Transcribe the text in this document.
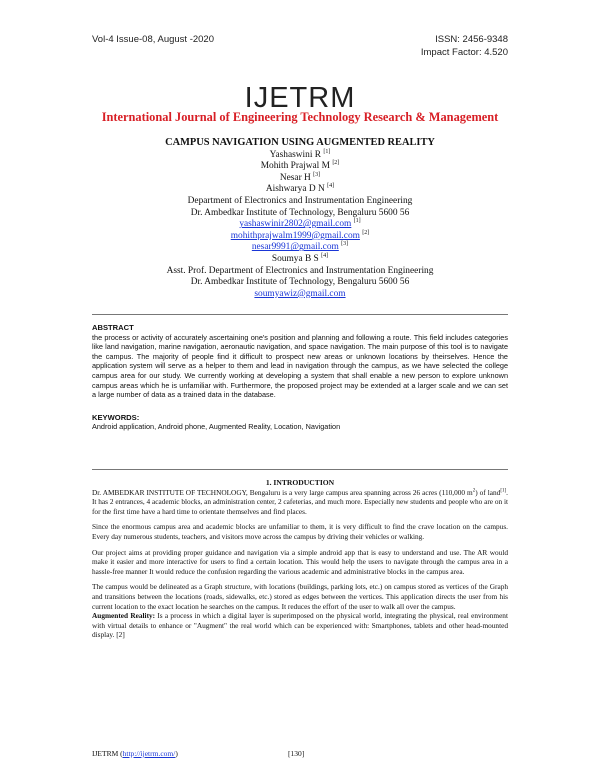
Vol-4 Issue-08, August -2020	ISSN: 2456-9348
Impact Factor: 4.520
IJETRM
International Journal of Engineering Technology Research & Management
CAMPUS NAVIGATION USING AUGMENTED REALITY
Yashaswini R [1]
Mohith Prajwal M [2]
Nesar H [3]
Aishwarya D N [4]
Department of Electronics and Instrumentation Engineering
Dr. Ambedkar Institute of Technology, Bengaluru 5600 56
yashaswinir2802@gmail.com [1]
mohithprajwalm1999@gmail.com [2]
nesar9991@gmail.com [3]
Soumya B S [4]
Asst. Prof. Department of Electronics and Instrumentation Engineering
Dr. Ambedkar Institute of Technology, Bengaluru 5600 56
soumyawiz@gmail.com
ABSTRACT

the process or activity of accurately ascertaining one's position and planning and following a route. This field includes categories like land navigation, marine navigation, aeronautic navigation, and space navigation. The main purpose of this tool is to navigate the campus. The majority of people find it difficult to prospect new areas or unknown locations by theirselves. Hence the application system will serve as a helper to them and lead in navigation through the campus, as we have selected the college campus area for our study. We currently working at developing a system that shall enable a new person to explore unknown campus areas which he is unfamiliar with. Furthermore, the proposed project may be extended at a larger scale and we can set a large number of data as a trained data in the database.

KEYWORDS:

Android application, Android phone, Augmented Reality, Location, Navigation

1. INTRODUCTION

Dr. AMBEDKAR INSTITUTE OF TECHNOLOGY, Bengaluru is a very large campus area spanning across 26 acres (110,000 $m^2$) of land[1]. It has 2 entrances, 4 academic blocks, an administration center, 2 cafeterias, and much more. Especially new students and people who are on it for the first time have a hard time to orientate themselves and find places.

Since the enormous campus area and academic blocks are unfamiliar to them, it is very difficult to find the crave location on the campus. Every day numerous students, teachers, and visitors move across the campus by driving their vehicles or walking.

Our project aims at providing proper guidance and navigation via a simple android app that is easy to understand and use. The AR would make it easier and more interactive for users to find a certain location. This would help the users to navigate through the campus area in a hassle-free manner It would reduce the confusion regarding the various academic and administrative blocks in the campus area.

The campus would be delineated as a Graph structure, with locations (buildings, parking lots, etc.) on campus stored as vertices of the Graph and transitions between the locations (roads, sidewalks, etc.) stored as edges between the vertices. This application directs the user from his current location to the exact location he searches on the campus. It reduces the effort of the user to walk all over the campus.

Augmented Reality: Is a process in which a digital layer is superimposed on the physical world, integrating the physical, real environment with virtual details to enhance or "Augment" the real world which can be experienced with: Smartphones, tablets and other head-mounted display. [2]

IJETRM (http://ijetrm.com/)	[130]
